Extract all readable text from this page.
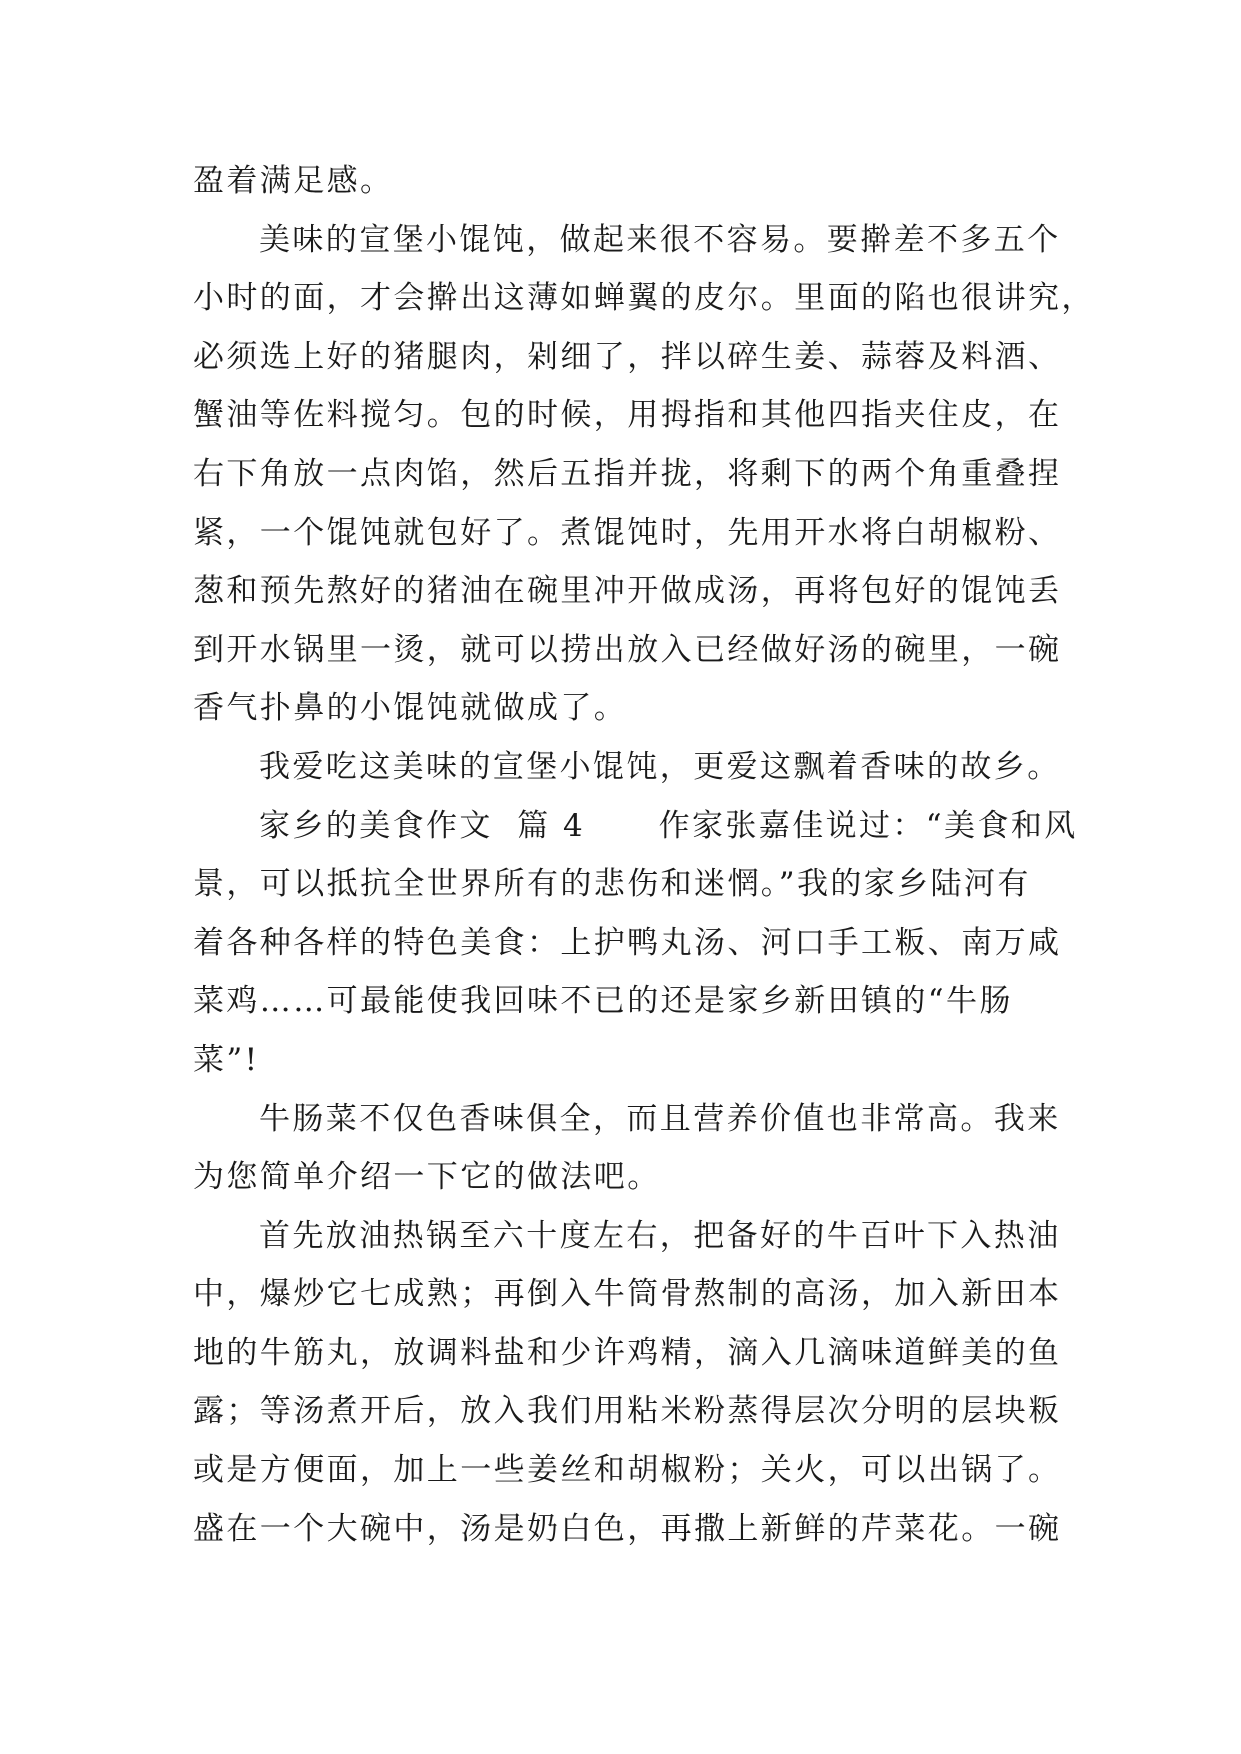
盈着满足感。
美味的宣堡小馄饨，做起来很不容易。要擀差不多五个
小时的面，才会擀出这薄如蝉翼的皮尔。里面的陷也很讲究，
必须选上好的猪腿肉，剁细了，拌以碎生姜、蒜蓉及料酒、
蟹油等佐料搅匀。包的时候，用拇指和其他四指夹住皮，在
右下角放一点肉馅，然后五指并拢，将剩下的两个角重叠捏
紧，一个馄饨就包好了。煮馄饨时，先用开水将白胡椒粉、
葱和预先熬好的猪油在碗里冲开做成汤，再将包好的馄饨丢
到开水锅里一烫，就可以捞出放入已经做好汤的碗里，一碗
香气扑鼻的小馄饨就做成了。
我爱吃这美味的宣堡小馄饨，更爱这飘着香味的故乡。
家乡的美食作文  篇 4      作家张嘉佳说过：“美食和风
景，可以抵抗全世界所有的悲伤和迷惘。”我的家乡陆河有
着各种各样的特色美食：上护鸭丸汤、河口手工粄、南万咸
菜鸡……可最能使我回味不已的还是家乡新田镇的“牛肠
菜”!
牛肠菜不仅色香味俱全，而且营养价值也非常高。我来
为您简单介绍一下它的做法吧。
首先放油热锅至六十度左右，把备好的牛百叶下入热油
中，爆炒它七成熟；再倒入牛筒骨熬制的高汤，加入新田本
地的牛筋丸，放调料盐和少许鸡精，滴入几滴味道鲜美的鱼
露；等汤煮开后，放入我们用粘米粉蒸得层次分明的层块粄
或是方便面，加上一些姜丝和胡椒粉；关火，可以出锅了。
盛在一个大碗中，汤是奶白色，再撒上新鲜的芹菜花。一碗
